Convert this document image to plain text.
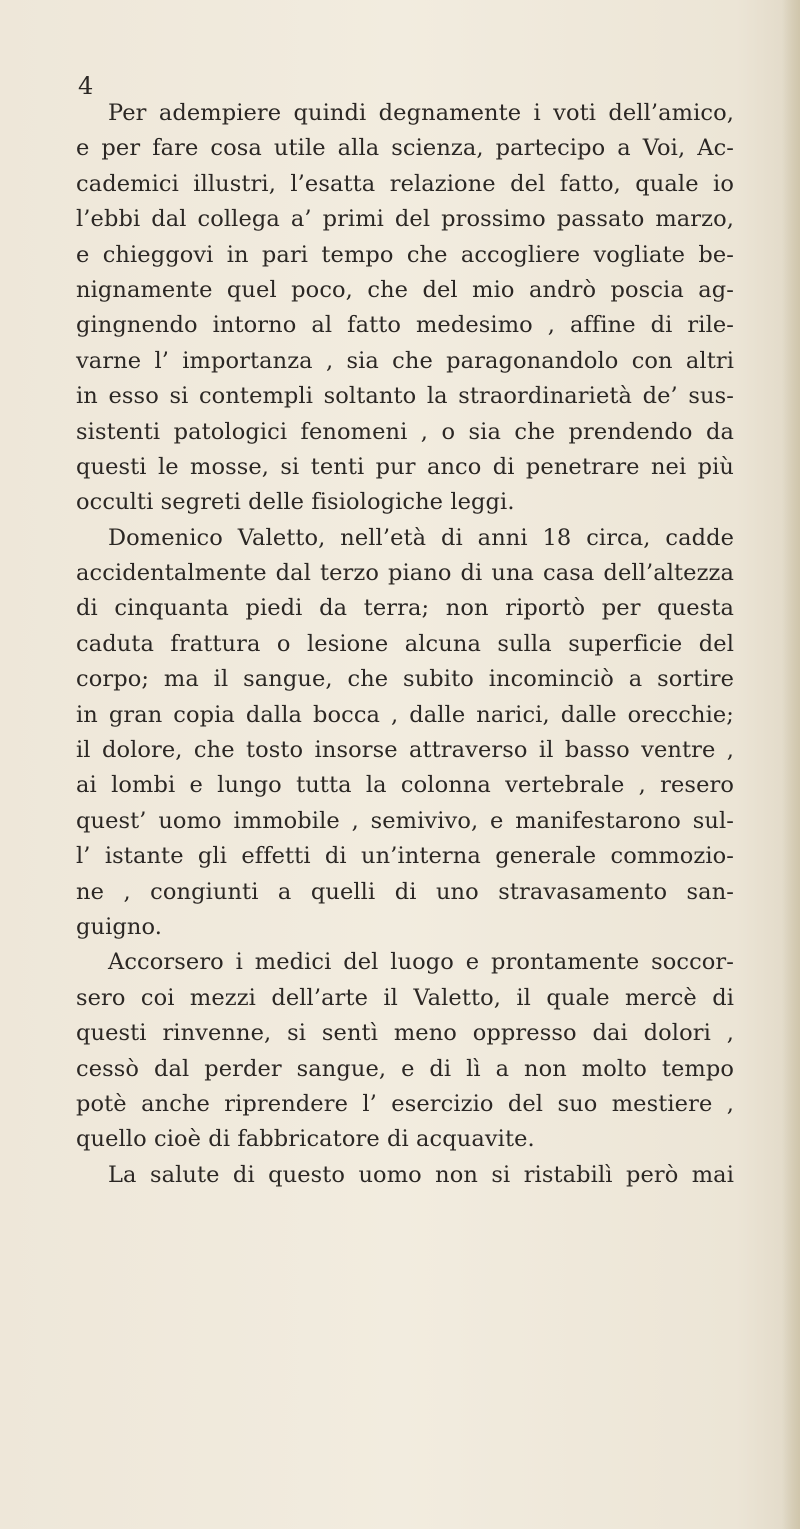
4
Per adempiere quindi degnamente i voti dell’amico,
e per fare cosa utile alla scienza, partecipo a Voi, Ac-
cademici illustri, l’esatta relazione del fatto, quale io
l’ebbi dal collega a’ primi del prossimo passato marzo,
e chieggovi in pari tempo che accogliere vogliate be-
nignamente quel poco, che del mio andrò poscia ag-
gingnendo intorno al fatto medesimo , affine di rile-
varne l’ importanza , sia che paragonandolo con altri
in esso si contempli soltanto la straordinarietà de’ sus-
sistenti patologici fenomeni , o sia che prendendo da
questi le mosse, si tenti pur anco di penetrare nei più
occulti segreti delle fisiologiche leggi.
Domenico Valetto, nell’età di anni 18 circa, cadde
accidentalmente dal terzo piano di una casa dell’altezza
di cinquanta piedi da terra; non riportò per questa
caduta frattura o lesione alcuna sulla superficie del
corpo; ma il sangue, che subito incominciò a sortire
in gran copia dalla bocca , dalle narici, dalle orecchie;
il dolore, che tosto insorse attraverso il basso ventre ,
ai lombi e lungo tutta la colonna vertebrale , resero
quest’ uomo immobile , semivivo, e manifestarono sul-
l’ istante gli effetti di un’interna generale commozio-
ne , congiunti a quelli di uno stravasamento san-
guigno.
Accorsero i medici del luogo e prontamente soccor-
sero coi mezzi dell’arte il Valetto, il quale mercè di
questi rinvenne, si sentì meno oppresso dai dolori ,
cessò dal perder sangue, e di lì a non molto tempo
potè anche riprendere l’ esercizio del suo mestiere ,
quello cioè di fabbricatore di acquavite.
La salute di questo uomo non si ristabilì però mai
